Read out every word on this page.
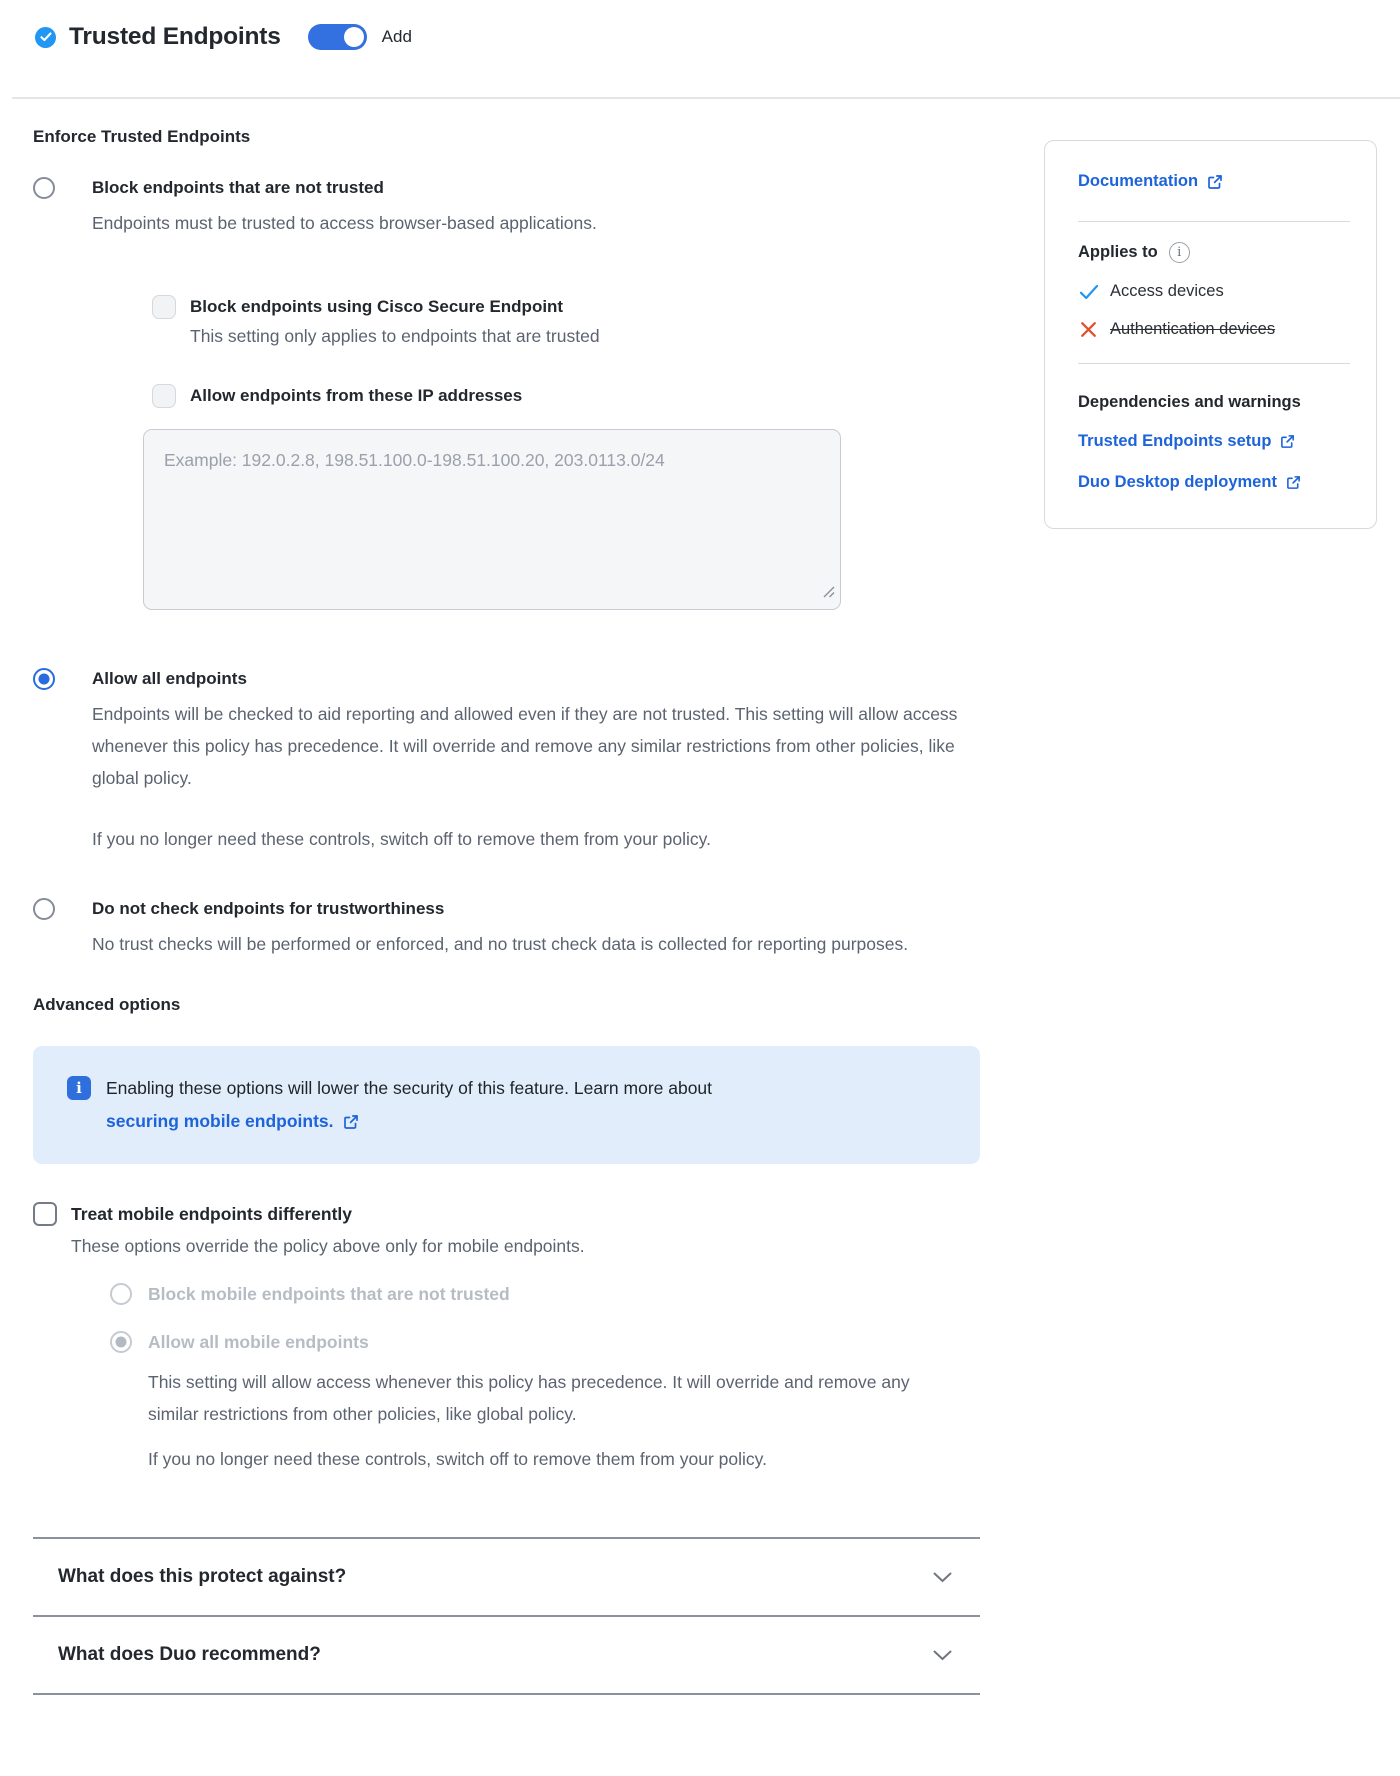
Trusted Endpoints	Add
Enforce Trusted Endpoints
Block endpoints that are not trusted
Endpoints must be trusted to access browser-based applications.
Block endpoints using Cisco Secure Endpoint
This setting only applies to endpoints that are trusted
Allow endpoints from these IP addresses
Example: 192.0.2.8, 198.51.100.0-198.51.100.20, 203.0113.0/24
Allow all endpoints
Endpoints will be checked to aid reporting and allowed even if they are not trusted. This setting will allow access whenever this policy has precedence. It will override and remove any similar restrictions from other policies, like global policy.
If you no longer need these controls, switch off to remove them from your policy.
Do not check endpoints for trustworthiness
No trust checks will be performed or enforced, and no trust check data is collected for reporting purposes.
Advanced options
i	Enabling these options will lower the security of this feature. Learn more about
securing mobile endpoints.
Treat mobile endpoints differently
These options override the policy above only for mobile endpoints.
Block mobile endpoints that are not trusted
Allow all mobile endpoints
This setting will allow access whenever this policy has precedence. It will override and remove any similar restrictions from other policies, like global policy.
If you no longer need these controls, switch off to remove them from your policy.
What does this protect against?
What does Duo recommend?
Documentation
Applies to	i
Access devices
Authentication devices
Dependencies and warnings
Trusted Endpoints setup
Duo Desktop deployment
